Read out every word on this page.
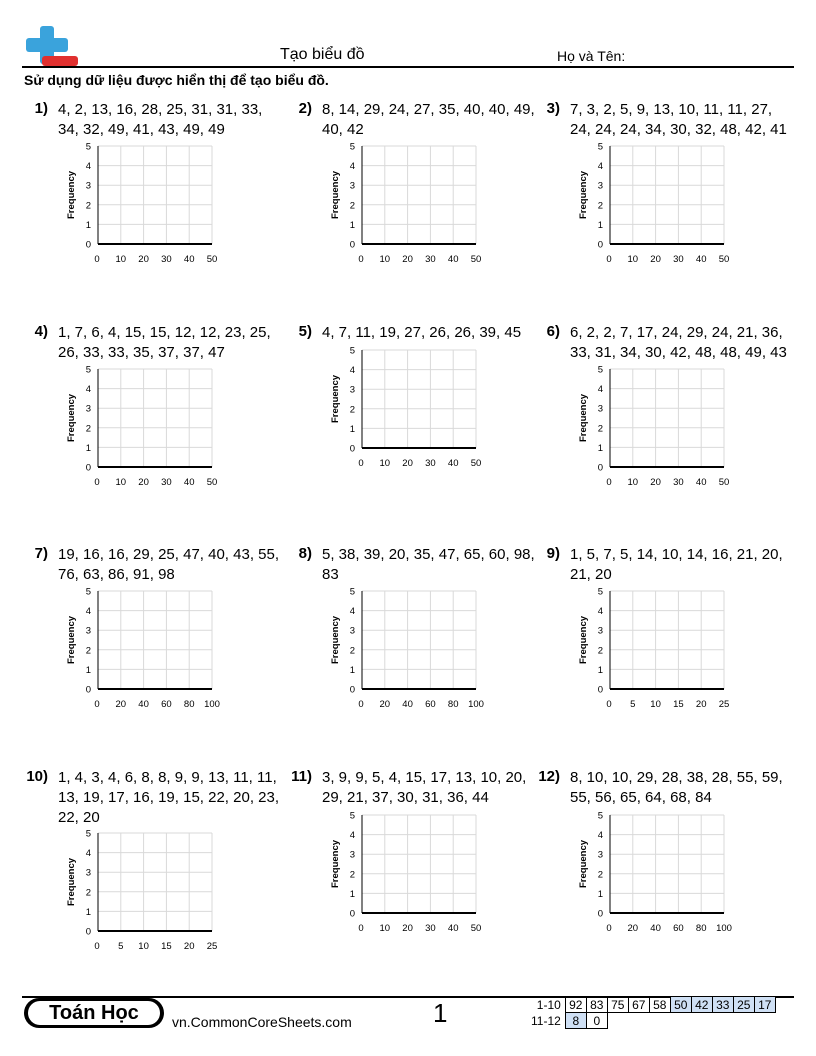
Tạo biểu đồ	Họ và Tên:
Sử dụng dữ liệu được hiển thị để tạo biểu đồ.
1) 4, 2, 13, 16, 28, 25, 31, 31, 33, 34, 32, 49, 41, 43, 49, 49
0
1
2
3
4
5
0 10 20 30 40 50
Frequency
2) 8, 14, 29, 24, 27, 35, 40, 40, 49, 40, 42
0
1
2
3
4
5
0 10 20 30 40 50
Frequency
3) 7, 3, 2, 5, 9, 13, 10, 11, 11, 27, 24, 24, 24, 34, 30, 32, 48, 42, 41
0
1
2
3
4
5
0 10 20 30 40 50
Frequency
4) 1, 7, 6, 4, 15, 15, 12, 12, 23, 25, 26, 33, 33, 35, 37, 37, 47
0
1
2
3
4
5
0 10 20 30 40 50
Frequency
5) 4, 7, 11, 19, 27, 26, 26, 39, 45
0
1
2
3
4
5
0 10 20 30 40 50
Frequency
6) 6, 2, 2, 7, 17, 24, 29, 24, 21, 36, 33, 31, 34, 30, 42, 48, 48, 49, 43
0
1
2
3
4
5
0 10 20 30 40 50
Frequency
7) 19, 16, 16, 29, 25, 47, 40, 43, 55, 76, 63, 86, 91, 98
0
1
2
3
4
5
0 20 40 60 80 100
Frequency
8) 5, 38, 39, 20, 35, 47, 65, 60, 98, 83
0
1
2
3
4
5
0 20 40 60 80 100
Frequency
9) 1, 5, 7, 5, 14, 10, 14, 16, 21, 20, 21, 20
0
1
2
3
4
5
0 5 10 15 20 25
Frequency
10) 1, 4, 3, 4, 6, 8, 8, 9, 9, 13, 11, 11, 13, 19, 17, 16, 19, 15, 22, 20, 23, 22, 20
0
1
2
3
4
5
0 5 10 15 20 25
Frequency
11) 3, 9, 9, 5, 4, 15, 17, 13, 10, 20, 29, 21, 37, 30, 31, 36, 44
0
1
2
3
4
5
0 10 20 30 40 50
Frequency
12) 8, 10, 10, 29, 28, 38, 28, 55, 59, 55, 56, 65, 64, 68, 84
0
1
2
3
4
5
0 20 40 60 80 100
Frequency
Toán Học	vn.CommonCoreSheets.com	1	1-10	92	83	75	67	58	50	42	33	25	17
11-12	8	0								
